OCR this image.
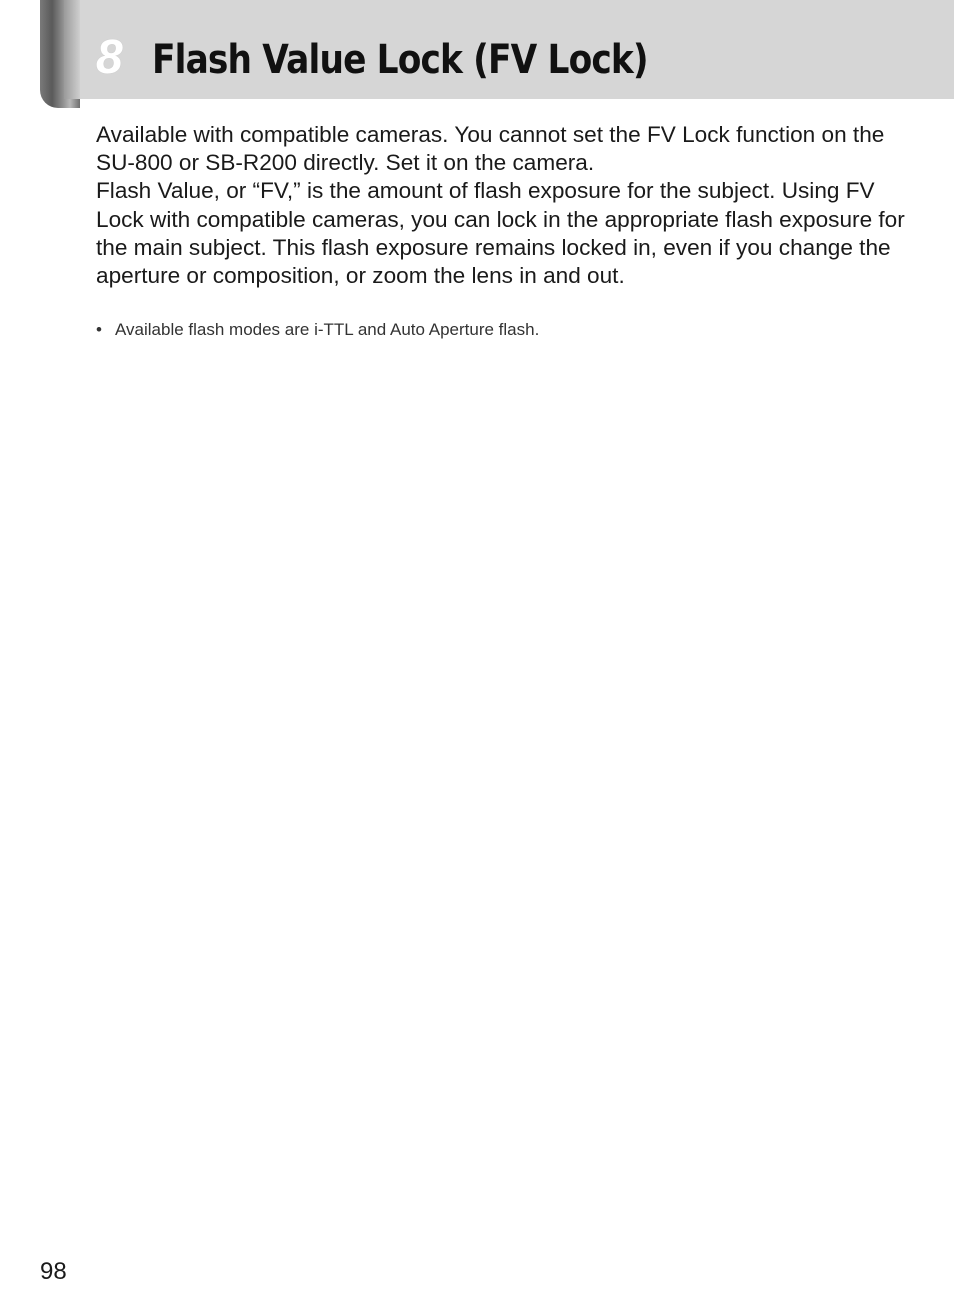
8 Flash Value Lock (FV Lock)

Available with compatible cameras. You cannot set the FV Lock function on the SU-800 or SB-R200 directly. Set it on the camera.

Flash Value, or “FV,” is the amount of flash exposure for the subject. Using FV Lock with compatible cameras, you can lock in the appropriate flash exposure for the main subject. This flash exposure remains locked in, even if you change the aperture or composition, or zoom the lens in and out.

• Available flash modes are i-TTL and Auto Aperture flash.
98
